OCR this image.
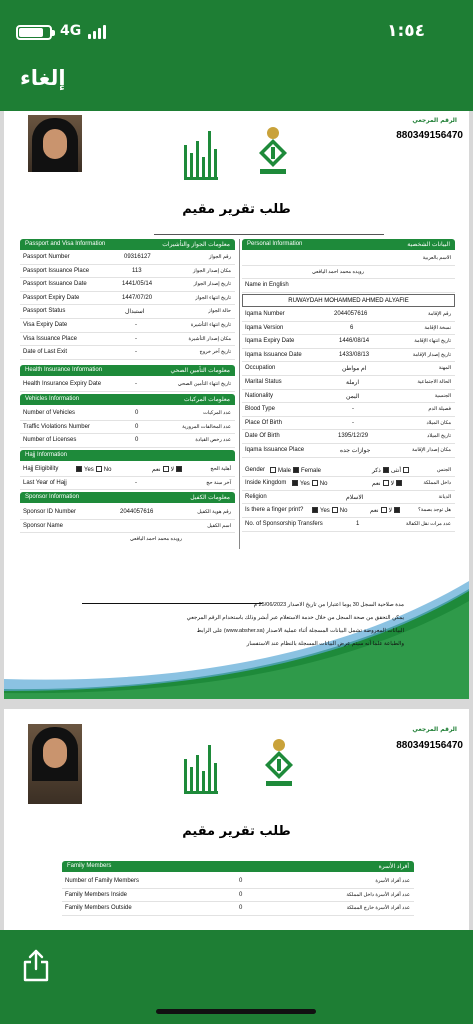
4G	١:٥٤
إلغاء
الرقم المرجعي
880349156470
طلب تقرير مقيم
Passport and Visa Information	معلومات الجواز والتأشيرات
Passport Number	09316127	رقم الجواز
Passport Issuance Place	113	مكان إصدار الجواز
Passport Issuance Date	1441/05/14	تاريخ إصدار الجواز
Passport Expiry Date	1447/07/20	تاريخ انتهاء الجواز
Passport Status	استبدال	حالة الجواز
Visa Expiry Date	-	تاريخ انتهاء التأشيرة
Visa Issuance Place	-	مكان إصدار التأشيرة
Date of Last Exit	-	تاريخ آخر خروج
Health Insurance Information	معلومات التأمين الصحي
Health Insurance Expiry Date	-	تاريخ انتهاء التأمين الصحي
Vehicles Information	معلومات المركبات
Number of Vehicles	0	عدد المركبات
Traffic Violations Number	0	عدد المخالفات المرورية
Number of Licenses	0	عدد رخص القيادة
Hajj Information
Hajj Eligibility	Yes No	لانعم	أهلية الحج
Last Year of Hajj	-	آخر سنة حج
Sponsor Information	معلومات الكفيل
Sponsor ID Number	2044057616	رقم هوية الكفيل
Sponsor Name	اسم الكفيل
رويده محمد احمد اليافعي
Personal Information	البيانات الشخصية
الاسم بالعربية
رويده محمد احمد اليافعي
Name in English
RUWAYDAH MOHAMMED AHMED ALYAFIE
Iqama Number	2044057616	رقم الإقامة
Iqama Version	6	نسخة الإقامة
Iqama Expiry Date	1446/08/14	تاريخ انتهاء الإقامة
Iqama Issuance Date	1433/08/13	تاريخ إصدار الإقامة
Occupation	ام مواطن	المهنة
Marital Status	ارملة	الحالة الاجتماعية
Nationality	اليمن	الجنسية
Blood Type	-	فصيلة الدم
Place Of Birth	-	مكان الميلاد
Date Of Birth	1395/12/29	تاريخ الميلاد
Iqama Issuance Place	جوازات جده	مكان إصدار الإقامة
Gender	Male Female	أنثىذكر	الجنس
Inside Kingdom	Yes No	لانعم	داخل المملكة
Religion	الاسلام	الديانة
Is there a finger print?	Yes No	لانعم	هل توجد بصمة؟
No. of Sponsorship Transfers	1	عدد مرات نقل الكفالة
مدة صلاحية السجل 30 يوما اعتبارا من تاريخ الاصدار 25/06/2023 م
يمكن التحقق من صحة السجل من خلال خدمة الاستعلام عبر أبشر وذلك باستخدام الرقم المرجعي
على الرابط (www.absher.sa) البيانات المعروضة تشمل البيانات المسجلة أثناء عملية الاصدار
والطباعة علما أنه سيتم عرض البيانات المسجلة بالنظام عند الاستفسار
الرقم المرجعي
880349156470
طلب تقرير مقيم
Family Members	أفراد الأسرة
Number of Family Members	0	عدد أفراد الأسرة
Family Members Inside	0	عدد أفراد الأسرة داخل المملكة
Family Members Outside	0	عدد أفراد الأسرة خارج المملكة
